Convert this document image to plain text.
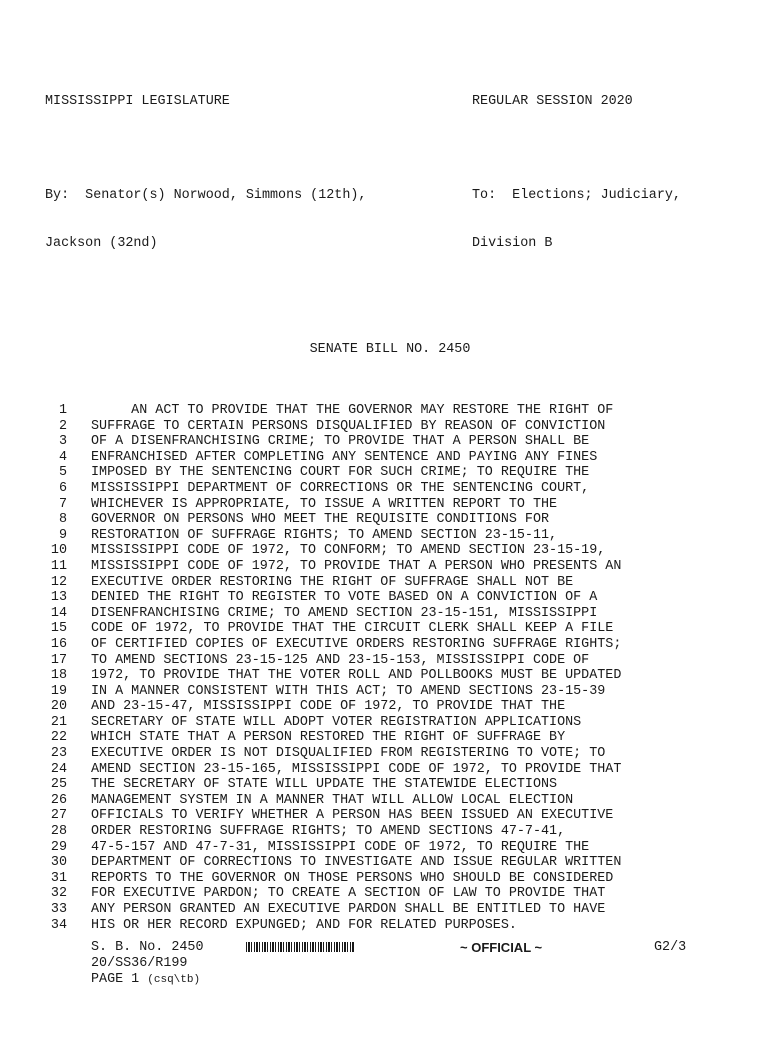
MISSISSIPPI LEGISLATURE

By:  Senator(s) Norwood, Simmons (12th),

Jackson (32nd)

REGULAR SESSION 2020

To:  Elections; Judiciary,

Division B

SENATE BILL NO. 2450
1 AN ACT TO PROVIDE THAT THE GOVERNOR MAY RESTORE THE RIGHT OF
2 SUFFRAGE TO CERTAIN PERSONS DISQUALIFIED BY REASON OF CONVICTION
3 OF A DISENFRANCHISING CRIME; TO PROVIDE THAT A PERSON SHALL BE
4 ENFRANCHISED AFTER COMPLETING ANY SENTENCE AND PAYING ANY FINES
5 IMPOSED BY THE SENTENCING COURT FOR SUCH CRIME; TO REQUIRE THE
6 MISSISSIPPI DEPARTMENT OF CORRECTIONS OR THE SENTENCING COURT,
7 WHICHEVER IS APPROPRIATE, TO ISSUE A WRITTEN REPORT TO THE
8 GOVERNOR ON PERSONS WHO MEET THE REQUISITE CONDITIONS FOR
9 RESTORATION OF SUFFRAGE RIGHTS; TO AMEND SECTION 23-15-11,
10 MISSISSIPPI CODE OF 1972, TO CONFORM; TO AMEND SECTION 23-15-19,
11 MISSISSIPPI CODE OF 1972, TO PROVIDE THAT A PERSON WHO PRESENTS AN
12 EXECUTIVE ORDER RESTORING THE RIGHT OF SUFFRAGE SHALL NOT BE
13 DENIED THE RIGHT TO REGISTER TO VOTE BASED ON A CONVICTION OF A
14 DISENFRANCHISING CRIME; TO AMEND SECTION 23-15-151, MISSISSIPPI
15 CODE OF 1972, TO PROVIDE THAT THE CIRCUIT CLERK SHALL KEEP A FILE
16 OF CERTIFIED COPIES OF EXECUTIVE ORDERS RESTORING SUFFRAGE RIGHTS;
17 TO AMEND SECTIONS 23-15-125 AND 23-15-153, MISSISSIPPI CODE OF
18 1972, TO PROVIDE THAT THE VOTER ROLL AND POLLBOOKS MUST BE UPDATED
19 IN A MANNER CONSISTENT WITH THIS ACT; TO AMEND SECTIONS 23-15-39
20 AND 23-15-47, MISSISSIPPI CODE OF 1972, TO PROVIDE THAT THE
21 SECRETARY OF STATE WILL ADOPT VOTER REGISTRATION APPLICATIONS
22 WHICH STATE THAT A PERSON RESTORED THE RIGHT OF SUFFRAGE BY
23 EXECUTIVE ORDER IS NOT DISQUALIFIED FROM REGISTERING TO VOTE; TO
24 AMEND SECTION 23-15-165, MISSISSIPPI CODE OF 1972, TO PROVIDE THAT
25 THE SECRETARY OF STATE WILL UPDATE THE STATEWIDE ELECTIONS
26 MANAGEMENT SYSTEM IN A MANNER THAT WILL ALLOW LOCAL ELECTION
27 OFFICIALS TO VERIFY WHETHER A PERSON HAS BEEN ISSUED AN EXECUTIVE
28 ORDER RESTORING SUFFRAGE RIGHTS; TO AMEND SECTIONS 47-7-41,
29 47-5-157 AND 47-7-31, MISSISSIPPI CODE OF 1972, TO REQUIRE THE
30 DEPARTMENT OF CORRECTIONS TO INVESTIGATE AND ISSUE REGULAR WRITTEN
31 REPORTS TO THE GOVERNOR ON THOSE PERSONS WHO SHOULD BE CONSIDERED
32 FOR EXECUTIVE PARDON; TO CREATE A SECTION OF LAW TO PROVIDE THAT
33 ANY PERSON GRANTED AN EXECUTIVE PARDON SHALL BE ENTITLED TO HAVE
34 HIS OR HER RECORD EXPUNGED; AND FOR RELATED PURPOSES.

S. B. No. 2450

	~ OFFICIAL ~

	G2/3

20/SS36/R199

PAGE 1 (csq\tb)
